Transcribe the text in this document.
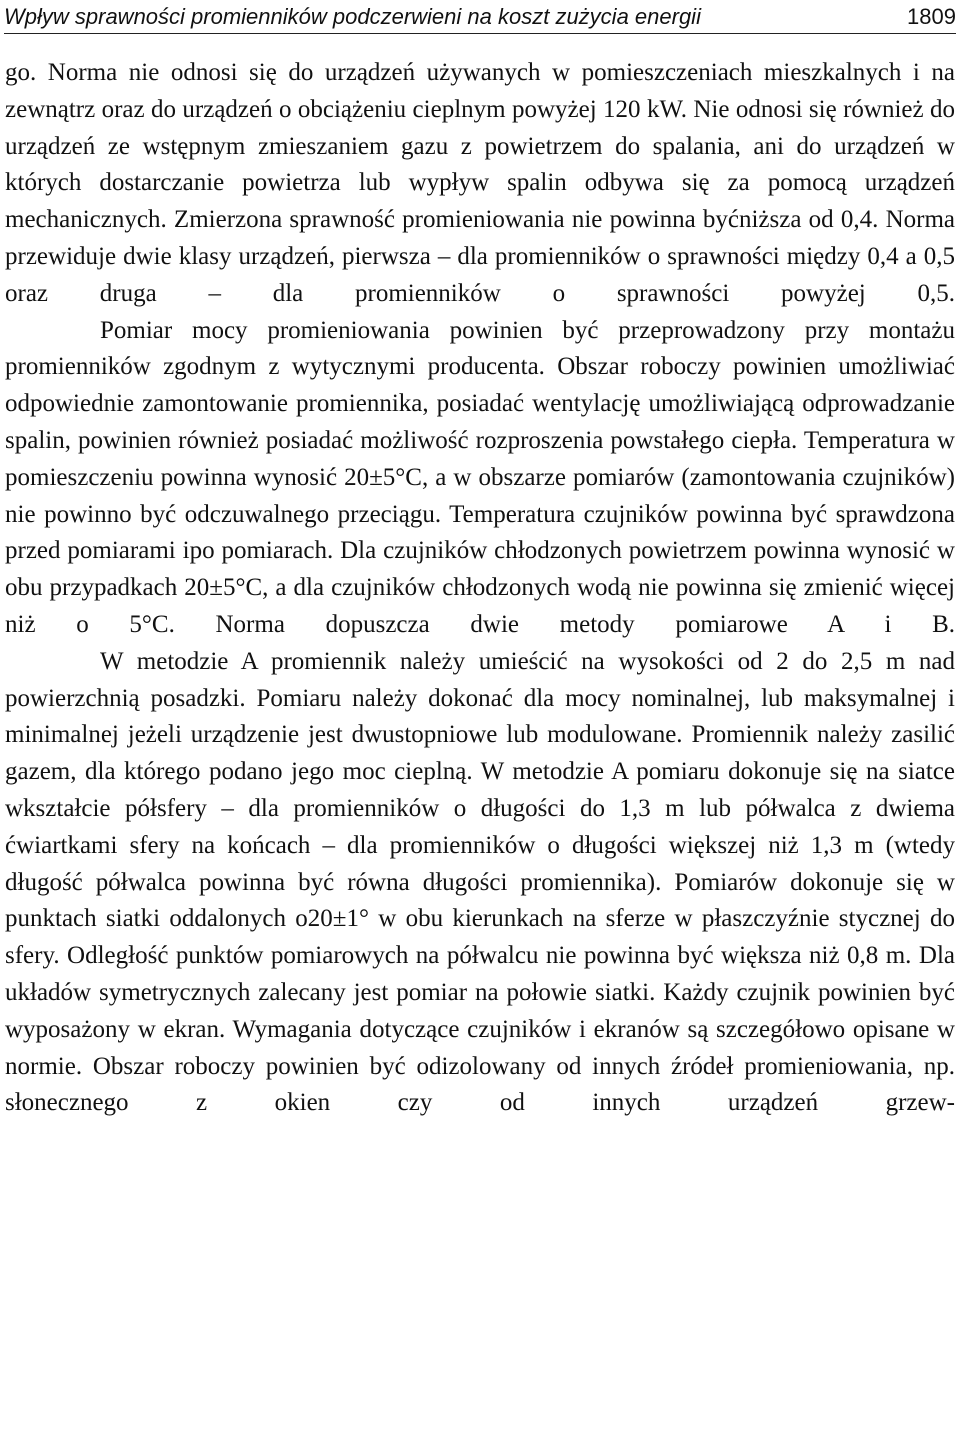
Wpływ sprawności promienników podczerwieni na koszt zużycia energii	1809

go. Norma nie odnosi się do urządzeń używanych w pomieszczeniach mieszkalnych i na zewnątrz oraz do urządzeń o obciążeniu cieplnym powyżej 120 kW. Nie odnosi się również do urządzeń ze wstępnym zmieszaniem gazu z powietrzem do spalania, ani do urządzeń w których dostarczanie powietrza lub wypływ spalin odbywa się za pomocą urządzeń mechanicznych. Zmierzona sprawność promieniowania nie powinna byćniższa od 0,4. Norma przewiduje dwie klasy urządzeń, pierwsza – dla promienników o sprawności między 0,4 a 0,5 oraz druga – dla promienników o sprawności powyżej 0,5.

Pomiar mocy promieniowania powinien być przeprowadzony przy montażu promienników zgodnym z wytycznymi producenta. Obszar roboczy powinien umożliwiać odpowiednie zamontowanie promiennika, posiadać wentylację umożliwiającą odprowadzanie spalin, powinien również posiadać możliwość rozproszenia powstałego ciepła. Temperatura w pomieszczeniu powinna wynosić 20±5°C, a w obszarze pomiarów (zamontowania czujników) nie powinno być odczuwalnego przeciągu. Temperatura czujników powinna być sprawdzona przed pomiarami ipo pomiarach. Dla czujników chłodzonych powietrzem powinna wynosić w obu przypadkach 20±5°C, a dla czujników chłodzonych wodą nie powinna się zmienić więcej niż o 5°C. Norma dopuszcza dwie metody pomiarowe A i B.

W metodzie A promiennik należy umieścić na wysokości od 2 do 2,5 m nad powierzchnią posadzki. Pomiaru należy dokonać dla mocy nominalnej, lub maksymalnej i minimalnej jeżeli urządzenie jest dwustopniowe lub modulowane. Promiennik należy zasilić gazem, dla którego podano jego moc cieplną. W metodzie A pomiaru dokonuje się na siatce wkształcie półsfery – dla promienników o długości do 1,3 m lub półwalca z dwiema ćwiartkami sfery na końcach – dla promienników o długości większej niż 1,3 m (wtedy długość półwalca powinna być równa długości promiennika). Pomiarów dokonuje się w punktach siatki oddalonych o20±1° w obu kierunkach na sferze w płaszczyźnie stycznej do sfery. Odległość punktów pomiarowych na półwalcu nie powinna być większa niż 0,8 m. Dla układów symetrycznych zalecany jest pomiar na połowie siatki. Każdy czujnik powinien być wyposażony w ekran. Wymagania dotyczące czujników i ekranów są szczegółowo opisane w normie. Obszar roboczy powinien być odizolowany od innych źródeł promieniowania, np. słonecznego z okien czy od innych urządzeń grzew-
